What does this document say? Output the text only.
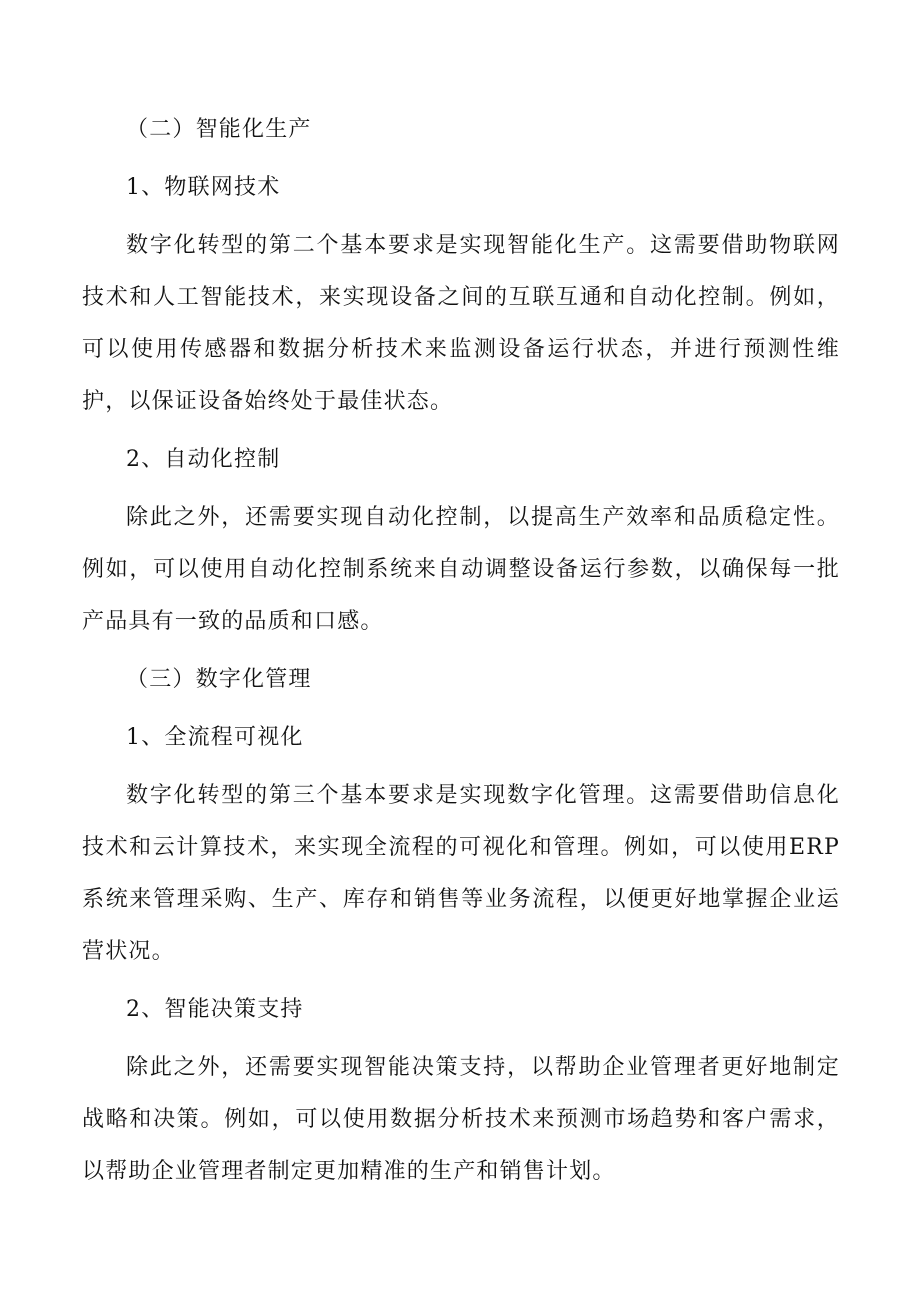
（二）智能化生产

1、物联网技术

数字化转型的第二个基本要求是实现智能化生产。这需要借助物联网技术和人工智能技术，来实现设备之间的互联互通和自动化控制。例如，可以使用传感器和数据分析技术来监测设备运行状态，并进行预测性维护，以保证设备始终处于最佳状态。

2、自动化控制

除此之外，还需要实现自动化控制，以提高生产效率和品质稳定性。例如，可以使用自动化控制系统来自动调整设备运行参数，以确保每一批产品具有一致的品质和口感。

（三）数字化管理

1、全流程可视化

数字化转型的第三个基本要求是实现数字化管理。这需要借助信息化技术和云计算技术，来实现全流程的可视化和管理。例如，可以使用ERP系统来管理采购、生产、库存和销售等业务流程，以便更好地掌握企业运营状况。

2、智能决策支持

除此之外，还需要实现智能决策支持，以帮助企业管理者更好地制定战略和决策。例如，可以使用数据分析技术来预测市场趋势和客户需求，以帮助企业管理者制定更加精准的生产和销售计划。
